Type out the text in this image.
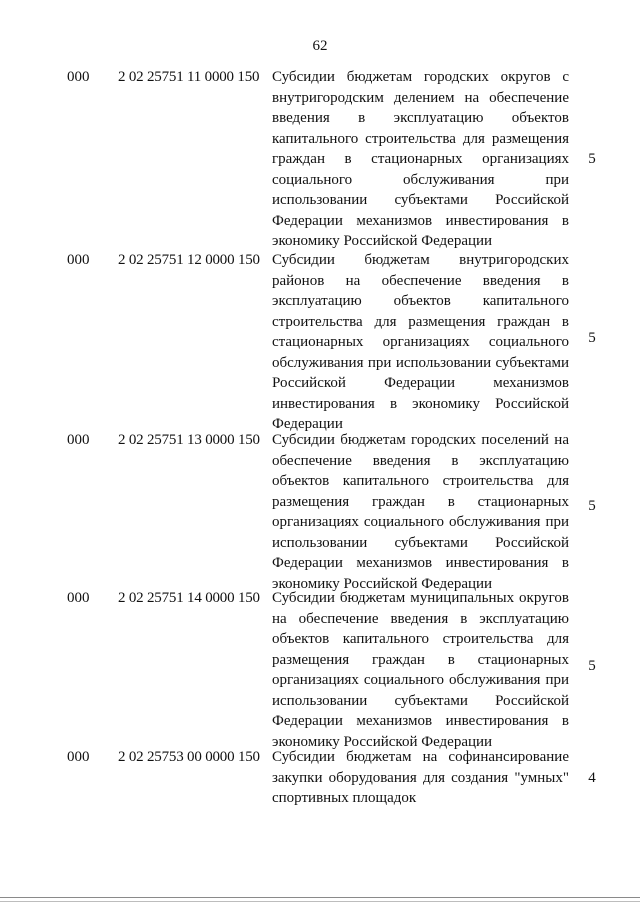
62
000 2 02 25751 11 0000 150 Субсидии бюджетам городских округов с внутригородским делением на обеспечение введения в эксплуатацию объектов капитального строительства для размещения граждан в стационарных организациях социального обслуживания при использовании субъектами Российской Федерации механизмов инвестирования в экономику Российской Федерации
5
000 2 02 25751 12 0000 150 Субсидии бюджетам внутригородских районов на обеспечение введения в эксплуатацию объектов капитального строительства для размещения граждан в стационарных организациях социального обслуживания при использовании субъектами Российской Федерации механизмов инвестирования в экономику Российской Федерации
5
000 2 02 25751 13 0000 150 Субсидии бюджетам городских поселений на обеспечение введения в эксплуатацию объектов капитального строительства для размещения граждан в стационарных организациях социального обслуживания при использовании субъектами Российской Федерации механизмов инвестирования в экономику Российской Федерации
5
000 2 02 25751 14 0000 150 Субсидии бюджетам муниципальных округов на обеспечение введения в эксплуатацию объектов капитального строительства для размещения граждан в стационарных организациях социального обслуживания при использовании субъектами Российской Федерации механизмов инвестирования в экономику Российской Федерации
5
000 2 02 25753 00 0000 150 Субсидии бюджетам на софинансирование закупки оборудования для создания "умных" спортивных площадок
4
